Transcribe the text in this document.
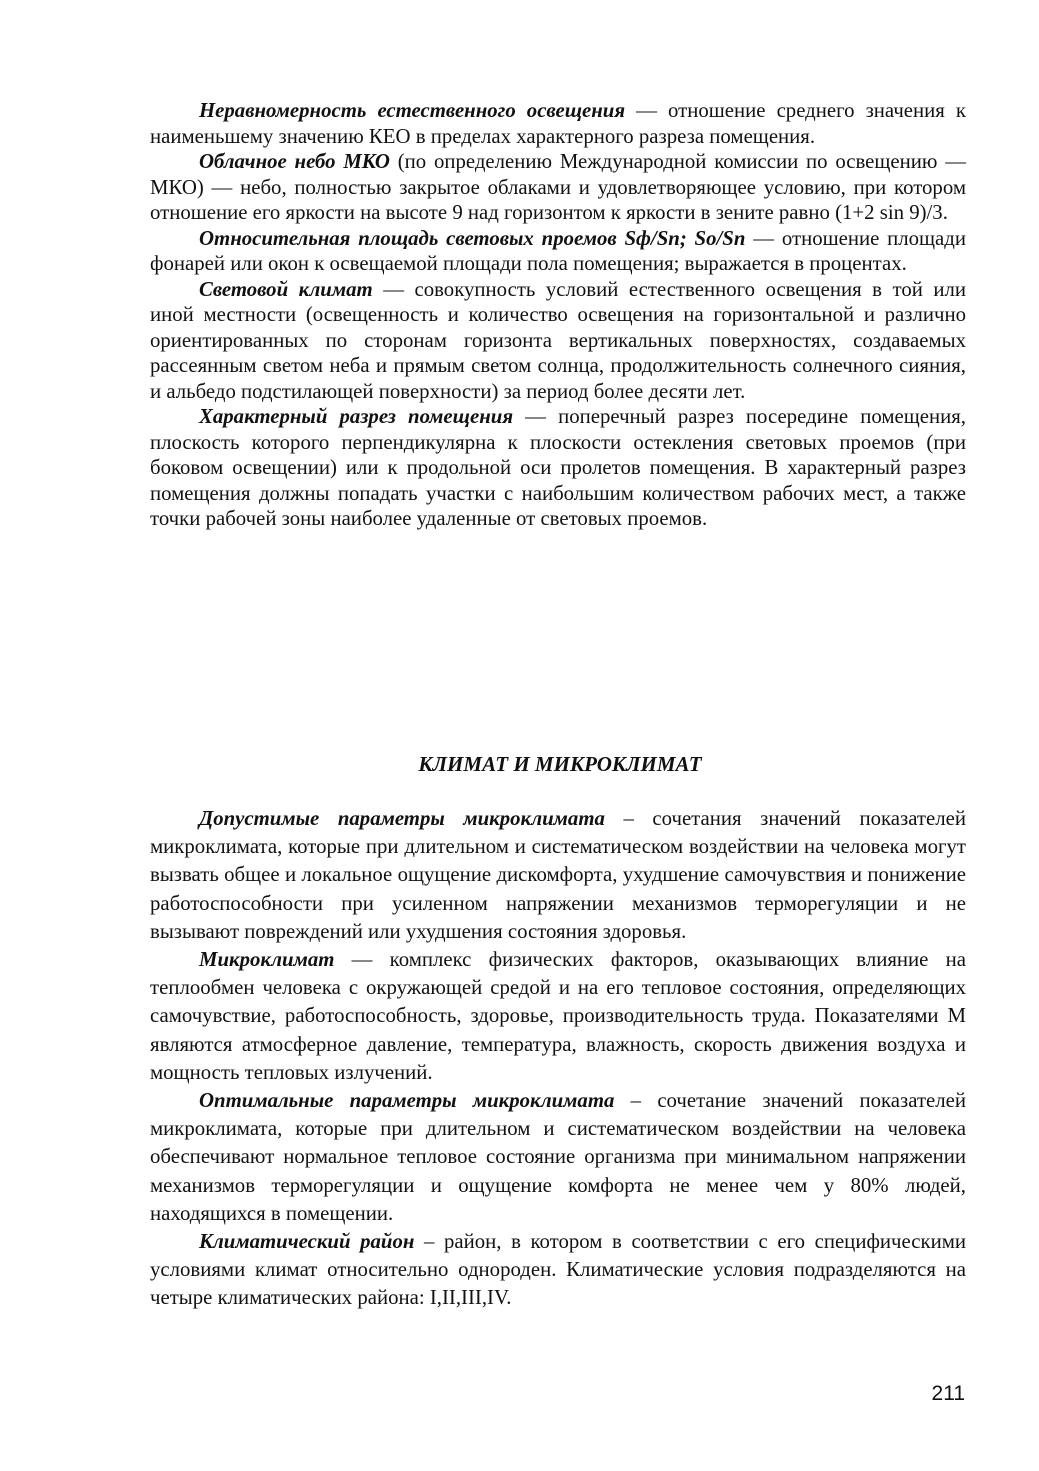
Неравномерность естественного освещения — отношение среднего значения к наименьшему значению КЕО в пределах характерного разреза помещения.

Облачное небо МКО (по определению Международной комиссии по освещению — МКО) — небо, полностью закрытое облаками и удовлетворяющее условию, при котором отношение его яркости на высоте 9 над горизонтом к яркости в зените равно (1+2 sin 9)/3.

Относительная площадь световых проемов Sф/Sп; Sо/Sп — отношение площади фонарей или окон к освещаемой площади пола помещения; выражается в процентах.

Световой климат — совокупность условий естественного освещения в той или иной местности (освещенность и количество освещения на горизонтальной и различно ориентированных по сторонам горизонта вертикальных поверхностях, создаваемых рассеянным светом неба и прямым светом солнца, продолжительность солнечного сияния, и альбедо подстилающей поверхности) за период более десяти лет.

Характерный разрез помещения — поперечный разрез посередине помещения, плоскость которого перпендикулярна к плоскости остекления световых проемов (при боковом освещении) или к продольной оси пролетов помещения. В характерный разрез помещения должны попадать участки с наибольшим количеством рабочих мест, а также точки рабочей зоны наиболее удаленные от световых проемов.

КЛИМАТ И МИКРОКЛИМАТ

Допустимые параметры микроклимата – сочетания значений показателей микроклимата, которые при длительном и систематическом воздействии на человека могут вызвать общее и локальное ощущение дискомфорта, ухудшение самочувствия и понижение работоспособности при усиленном напряжении механизмов терморегуляции и не вызывают повреждений или ухудшения состояния здоровья.

Микроклимат — комплекс физических факторов, оказывающих влияние на теплообмен человека с окружающей средой и на его тепловое состояния, определяющих самочувствие, работоспособность, здоровье, производительность труда. Показателями М являются атмосферное давление, температура, влажность, скорость движения воздуха и мощность тепловых излучений.

Оптимальные параметры микроклимата – сочетание значений показателей микроклимата, которые при длительном и систематическом воздействии на человека обеспечивают нормальное тепловое состояние организма при минимальном напряжении механизмов терморегуляции и ощущение комфорта не менее чем у 80% людей, находящихся в помещении.

Климатический район – район, в котором в соответствии с его специфическими условиями климат относительно однороден. Климатические условия подразделяются на четыре климатических района: I,II,III,IV.

211
